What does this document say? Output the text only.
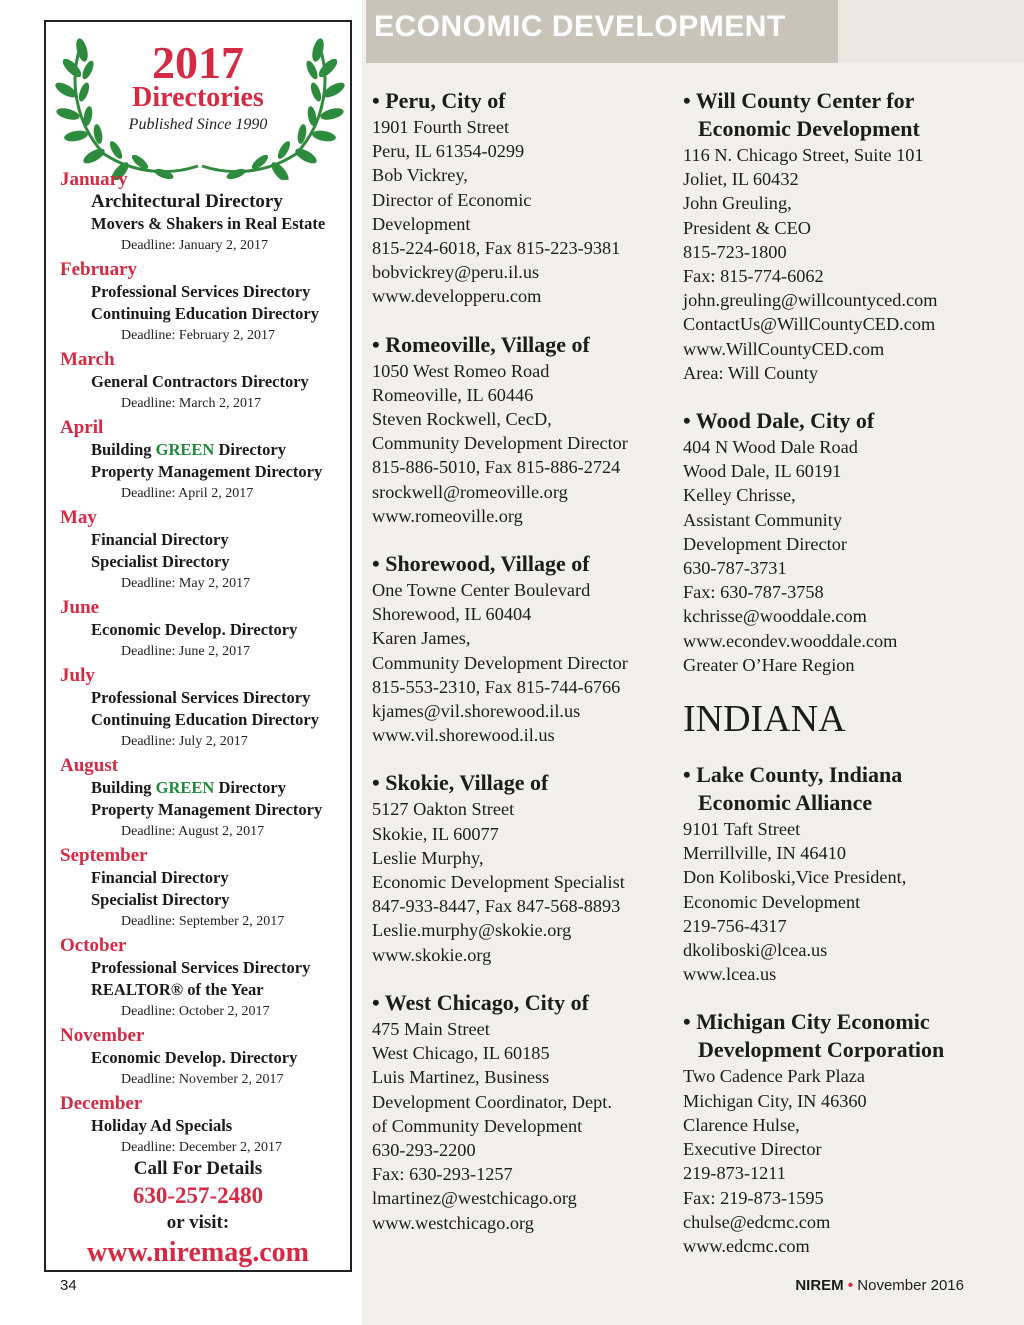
ECONOMIC DEVELOPMENT
2017
Directories
Published Since 1990
January
Architectural Directory
Movers & Shakers in Real Estate
Deadline: January 2, 2017
February
Professional Services Directory
Continuing Education Directory
Deadline: February 2, 2017
March
General Contractors Directory
Deadline: March 2, 2017
April
Building GREEN Directory
Property Management Directory
Deadline: April 2, 2017
May
Financial Directory
Specialist Directory
Deadline: May 2, 2017
June
Economic Develop. Directory
Deadline: June 2, 2017
July
Professional Services Directory
Continuing Education Directory
Deadline: July 2, 2017
August
Building GREEN Directory
Property Management Directory
Deadline: August 2, 2017
September
Financial Directory
Specialist Directory
Deadline: September 2, 2017
October
Professional Services Directory
REALTOR® of the Year
Deadline: October 2, 2017
November
Economic Develop. Directory
Deadline: November 2, 2017
December
Holiday Ad Specials
Deadline: December 2, 2017
Call For Details
630-257-2480
or visit:
www.niremag.com
• Peru, City of
1901 Fourth Street
Peru, IL 61354-0299
Bob Vickrey,
Director of Economic
Development
815-224-6018, Fax 815-223-9381
bobvickrey@peru.il.us
www.developperu.com
• Romeoville, Village of
1050 West Romeo Road
Romeoville, IL 60446
Steven Rockwell, CecD,
Community Development Director
815-886-5010, Fax 815-886-2724
srockwell@romeoville.org
www.romeoville.org
• Shorewood, Village of
One Towne Center Boulevard
Shorewood, IL 60404
Karen James,
Community Development Director
815-553-2310, Fax 815-744-6766
kjames@vil.shorewood.il.us
www.vil.shorewood.il.us
• Skokie, Village of
5127 Oakton Street
Skokie, IL 60077
Leslie Murphy,
Economic Development Specialist
847-933-8447, Fax 847-568-8893
Leslie.murphy@skokie.org
www.skokie.org
• West Chicago, City of
475 Main Street
West Chicago, IL 60185
Luis Martinez, Business
Development Coordinator, Dept.
of Community Development
630-293-2200
Fax: 630-293-1257
lmartinez@westchicago.org
www.westchicago.org
• Will County Center for Economic Development
116 N. Chicago Street, Suite 101
Joliet, IL 60432
John Greuling,
President & CEO
815-723-1800
Fax: 815-774-6062
john.greuling@willcountyced.com
ContactUs@WillCountyCED.com
www.WillCountyCED.com
Area: Will County
• Wood Dale, City of
404 N Wood Dale Road
Wood Dale, IL 60191
Kelley Chrisse,
Assistant Community
Development Director
630-787-3731
Fax: 630-787-3758
kchrisse@wooddale.com
www.econdev.wooddale.com
Greater O’Hare Region
INDIANA
• Lake County, Indiana Economic Alliance
9101 Taft Street
Merrillville, IN 46410
Don Koliboski,Vice President,
Economic Development
219-756-4317
dkoliboski@lcea.us
www.lcea.us
• Michigan City Economic Development Corporation
Two Cadence Park Plaza
Michigan City, IN 46360
Clarence Hulse,
Executive Director
219-873-1211
Fax: 219-873-1595
chulse@edcmc.com
www.edcmc.com
34	NIREM • November 2016
